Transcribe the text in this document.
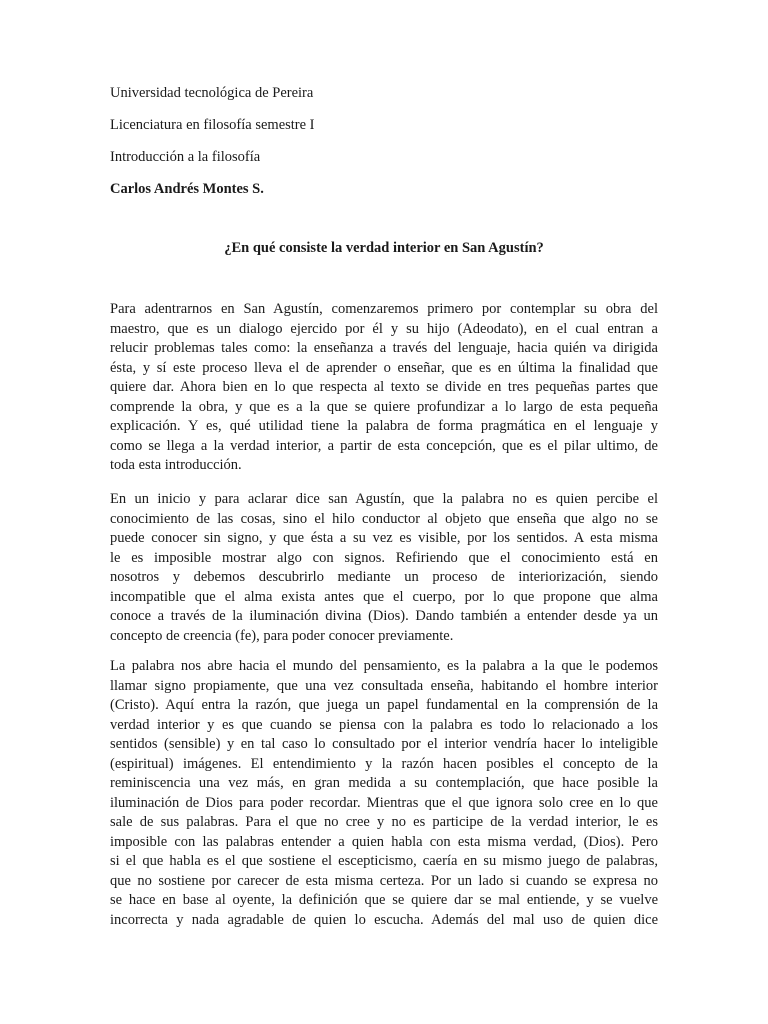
Universidad tecnológica de Pereira
Licenciatura en filosofía semestre I
Introducción a la filosofía
Carlos Andrés Montes S.
¿En qué consiste la verdad interior en San Agustín?
Para adentrarnos en San Agustín, comenzaremos primero por contemplar su obra del
maestro, que es un dialogo ejercido por él y su hijo (Adeodato), en el cual entran a
relucir problemas tales como: la enseñanza a través del lenguaje, hacia quién va dirigida
ésta, y sí este proceso lleva el de aprender o enseñar, que es en última la finalidad que
quiere dar. Ahora bien en lo que respecta al texto se divide en tres pequeñas partes que
comprende la obra, y que es a la que se quiere profundizar a lo largo de esta pequeña
explicación. Y es, qué utilidad tiene la palabra de forma pragmática en el lenguaje y
como se llega a la verdad interior, a partir de esta concepción, que es el pilar ultimo, de
toda esta introducción.
En un inicio y para aclarar dice san Agustín, que la palabra no es quien percibe el
conocimiento de las cosas, sino el hilo conductor al objeto que enseña que algo no se
puede conocer sin signo, y que ésta a su vez es visible, por los sentidos. A esta misma
le es imposible mostrar algo con signos. Refiriendo que el conocimiento está en
nosotros y debemos descubrirlo mediante un proceso de interiorización, siendo
incompatible que el alma exista antes que el cuerpo, por lo que propone que alma
conoce a través de la iluminación divina (Dios). Dando también a entender desde ya un
concepto de creencia (fe), para poder conocer previamente.
La palabra nos abre hacia el mundo del pensamiento, es la palabra a la que le podemos
llamar signo propiamente, que una vez consultada enseña, habitando el hombre interior
(Cristo). Aquí entra la razón, que juega un papel fundamental en la comprensión de la
verdad interior y es que cuando se piensa con la palabra es todo lo relacionado a los
sentidos (sensible) y en tal caso lo consultado por el interior vendría hacer lo inteligible
(espiritual) imágenes. El entendimiento y la razón hacen posibles el concepto de la
reminiscencia una vez más, en gran medida a su contemplación, que hace posible la
iluminación de Dios para poder recordar. Mientras que el que ignora solo cree en lo que
sale de sus palabras. Para el que no cree y no es participe de la verdad interior, le es
imposible con las palabras entender a quien habla con esta misma verdad, (Dios). Pero
si el que habla es el que sostiene el escepticismo, caería en su mismo juego de palabras,
que no sostiene por carecer de esta misma certeza. Por un lado si cuando se expresa no
se hace en base al oyente, la definición que se quiere dar se mal entiende, y se vuelve
incorrecta y nada agradable de quien lo escucha. Además del mal uso de quien dice
